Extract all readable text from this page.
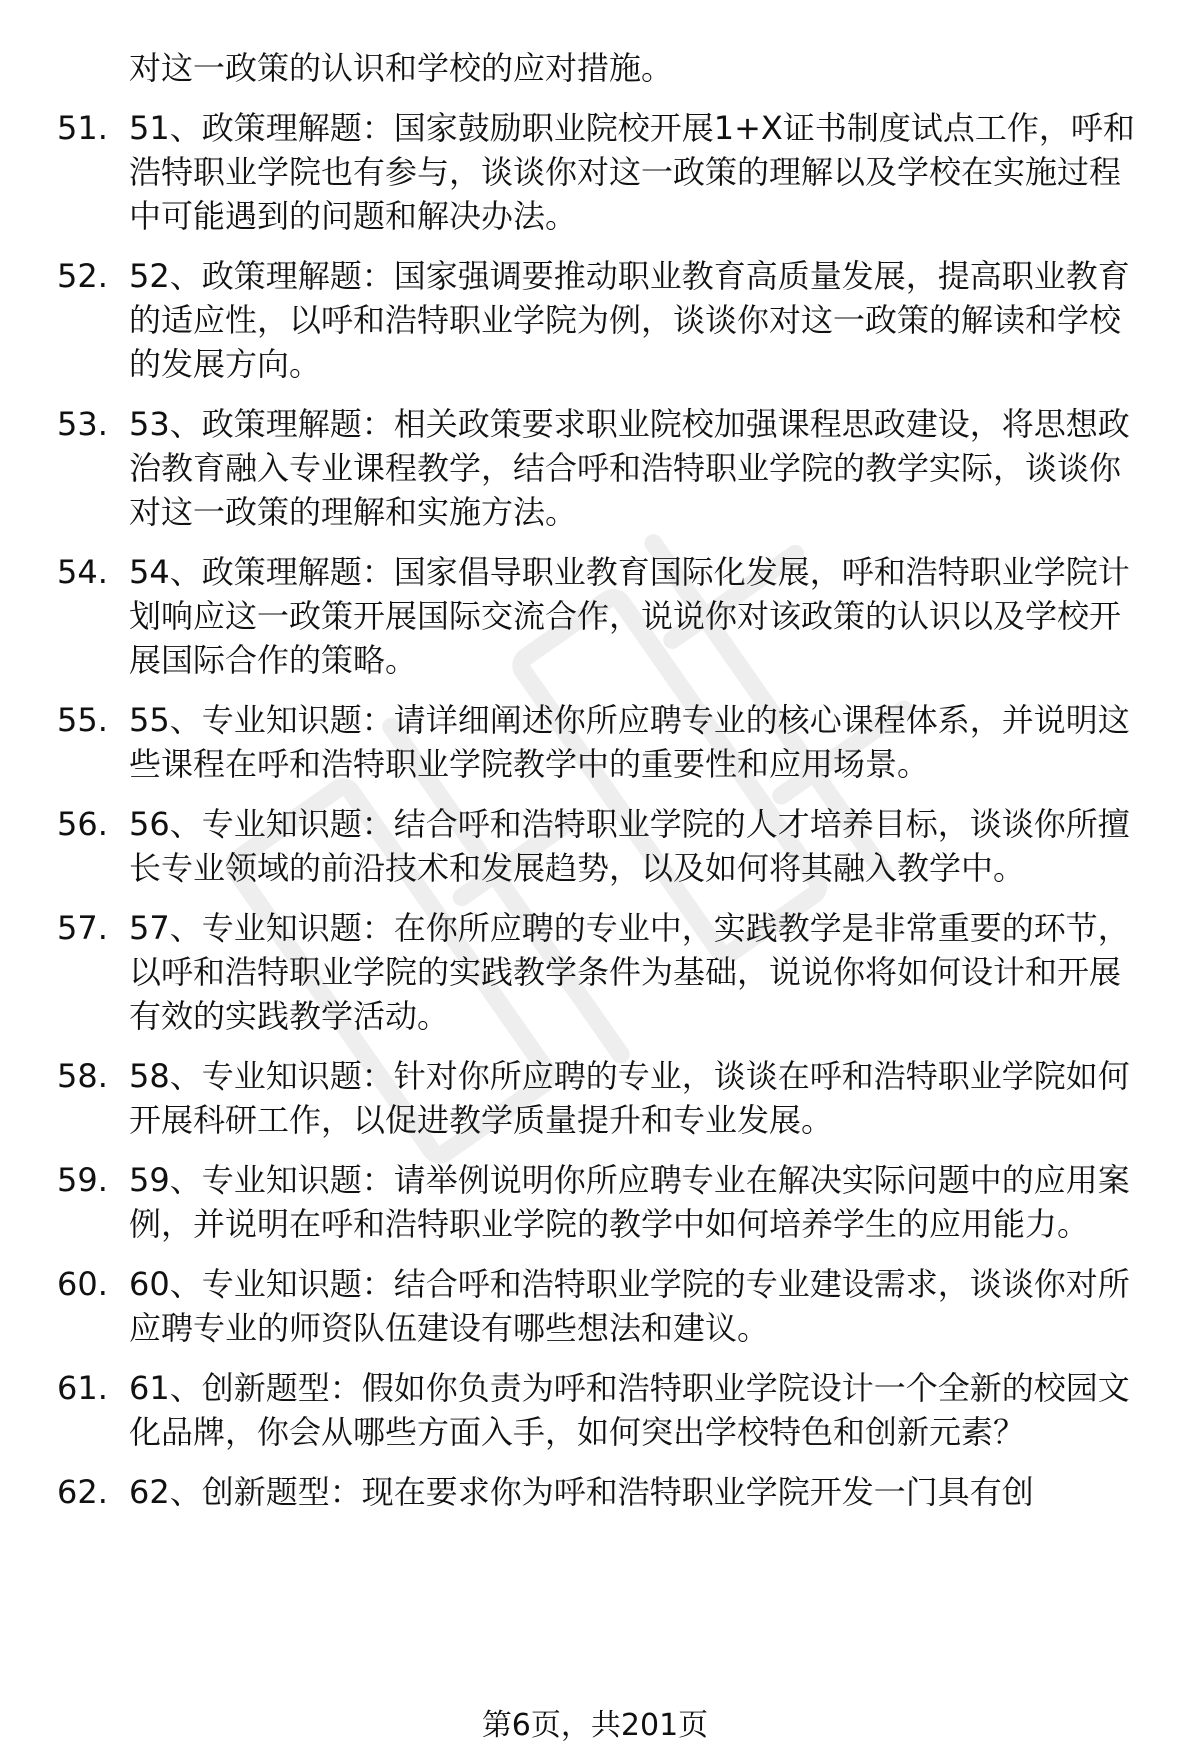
对这一政策的认识和学校的应对措施。

51. 51、政策理解题：国家鼓励职业院校开展1+X证书制度试点工作，呼和浩特职业学院也有参与，谈谈你对这一政策的理解以及学校在实施过程中可能遇到的问题和解决办法。
52. 52、政策理解题：国家强调要推动职业教育高质量发展，提高职业教育的适应性，以呼和浩特职业学院为例，谈谈你对这一政策的解读和学校的发展方向。
53. 53、政策理解题：相关政策要求职业院校加强课程思政建设，将思想政治教育融入专业课程教学，结合呼和浩特职业学院的教学实际，谈谈你对这一政策的理解和实施方法。
54. 54、政策理解题：国家倡导职业教育国际化发展，呼和浩特职业学院计划响应这一政策开展国际交流合作，说说你对该政策的认识以及学校开展国际合作的策略。
55. 55、专业知识题：请详细阐述你所应聘专业的核心课程体系，并说明这些课程在呼和浩特职业学院教学中的重要性和应用场景。
56. 56、专业知识题：结合呼和浩特职业学院的人才培养目标，谈谈你所擅长专业领域的前沿技术和发展趋势，以及如何将其融入教学中。
57. 57、专业知识题：在你所应聘的专业中，实践教学是非常重要的环节，以呼和浩特职业学院的实践教学条件为基础，说说你将如何设计和开展有效的实践教学活动。
58. 58、专业知识题：针对你所应聘的专业，谈谈在呼和浩特职业学院如何开展科研工作，以促进教学质量提升和专业发展。
59. 59、专业知识题：请举例说明你所应聘专业在解决实际问题中的应用案例，并说明在呼和浩特职业学院的教学中如何培养学生的应用能力。
60. 60、专业知识题：结合呼和浩特职业学院的专业建设需求，谈谈你对所应聘专业的师资队伍建设有哪些想法和建议。
61. 61、创新题型：假如你负责为呼和浩特职业学院设计一个全新的校园文化品牌，你会从哪些方面入手，如何突出学校特色和创新元素？
62. 62、创新题型：现在要求你为呼和浩特职业学院开发一门具有创
第6页，共201页
